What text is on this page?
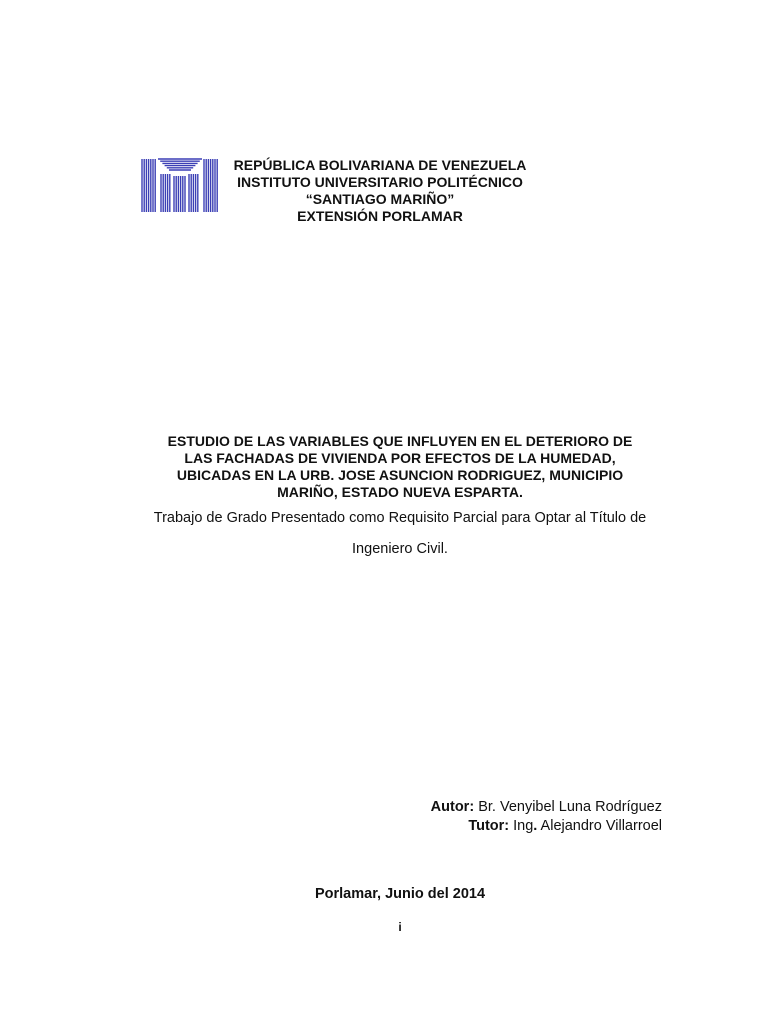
REPÚBLICA BOLIVARIANA DE VENEZUELA
INSTITUTO UNIVERSITARIO POLITÉCNICO
“SANTIAGO MARIÑO”
EXTENSIÓN PORLAMAR
ESTUDIO DE LAS VARIABLES QUE INFLUYEN EN EL DETERIORO DE
LAS FACHADAS DE VIVIENDA POR EFECTOS DE LA HUMEDAD,
UBICADAS EN LA URB. JOSE ASUNCION RODRIGUEZ, MUNICIPIO
MARIÑO, ESTADO NUEVA ESPARTA.
Trabajo de Grado Presentado como Requisito Parcial para Optar al Título de
Ingeniero Civil.
Autor: Br. Venyibel Luna Rodríguez
Tutor: Ing. Alejandro Villarroel
Porlamar, Junio del 2014
i
